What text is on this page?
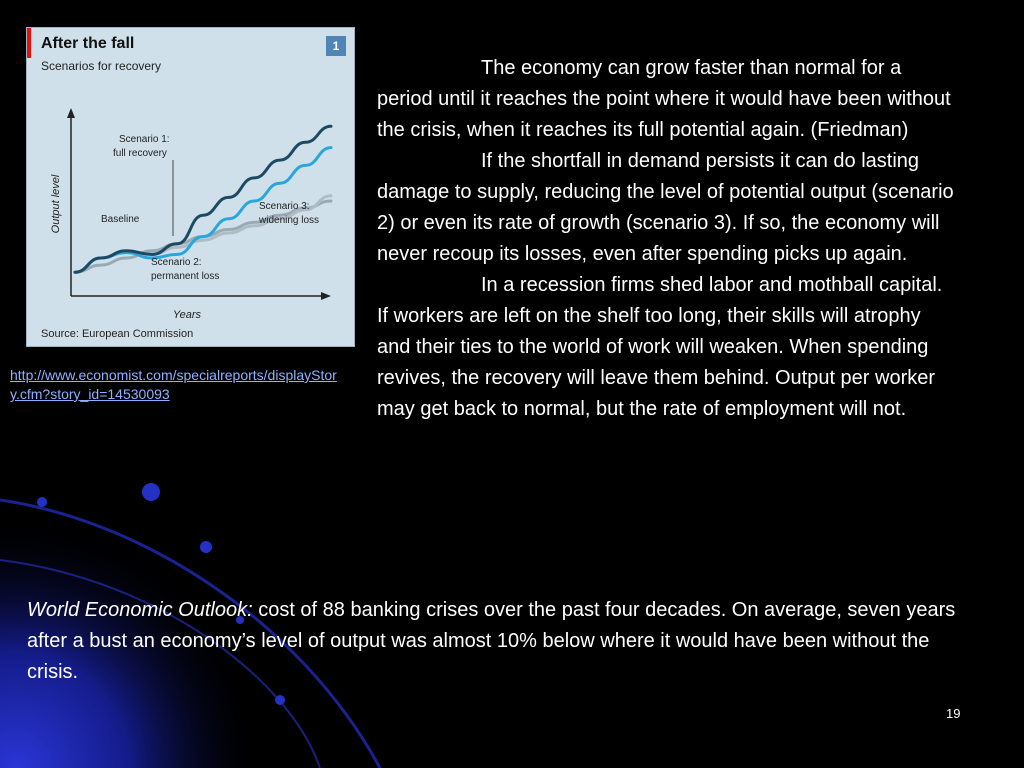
After the fall
Scenarios for recovery
1
Output level
Years
Scenario 1:
full recovery
Baseline
Scenario 2:
permanent loss
Scenario 3:
widening loss
Source: European Commission
http://www.economist.com/specialreports/displayStory.cfm?story_id=14530093

The economy can grow faster than normal for a period until it reaches the point where it would have been without the crisis, when it reaches its full potential again. (Friedman)

If the shortfall in demand persists it can do lasting damage to supply, reducing the level of potential output (scenario 2) or even its rate of growth (scenario 3). If so, the economy will never recoup its losses, even after spending picks up again.

In a recession firms shed labor and mothball capital. If workers are left on the shelf too long, their skills will atrophy and their ties to the world of work will weaken. When spending revives, the recovery will leave them behind. Output per worker may get back to normal, but the rate of employment will not.

World Economic Outlook: cost of 88 banking crises over the past four decades. On average, seven years after a bust an economy’s level of output was almost 10% below where it would have been without the crisis.
19
